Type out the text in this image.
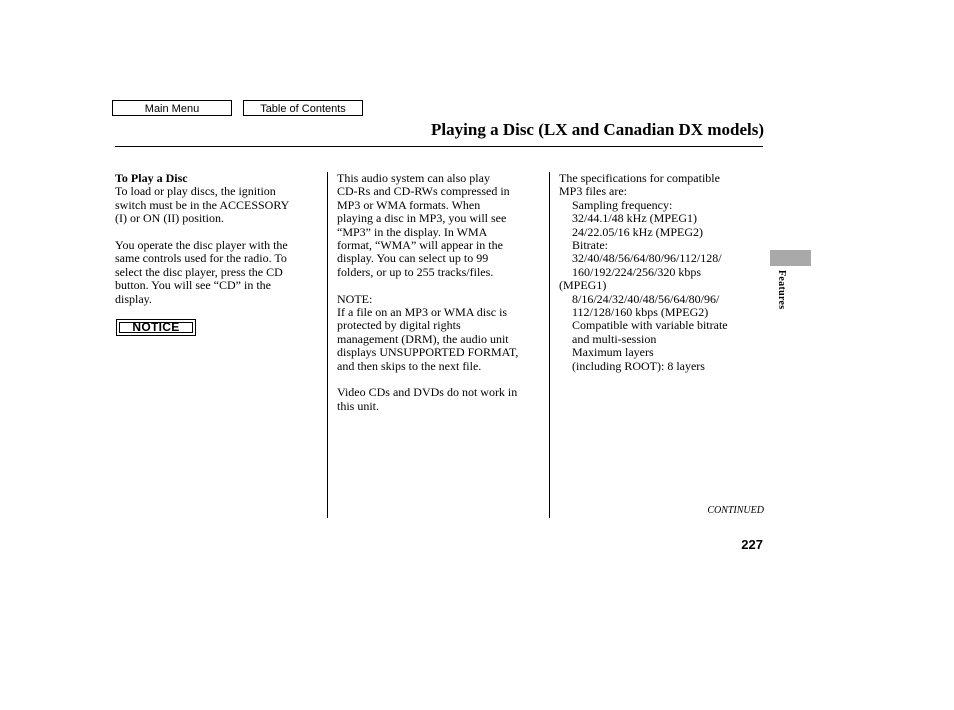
Main Menu	Table of Contents
Playing a Disc (LX and Canadian DX models)

To Play a Disc

To load or play discs, the ignition

switch must be in the ACCESSORY

(I) or ON (II) position.

You operate the disc player with the

same controls used for the radio. To

select the disc player, press the CD

button. You will see “CD” in the

display.

NOTICE

This audio system can also play

CD-Rs and CD-RWs compressed in

MP3 or WMA formats. When

playing a disc in MP3, you will see

“MP3” in the display. In WMA

format, “WMA” will appear in the

display. You can select up to 99

folders, or up to 255 tracks/files.

NOTE:

If a file on an MP3 or WMA disc is

protected by digital rights

management (DRM), the audio unit

displays UNSUPPORTED FORMAT,

and then skips to the next file.

Video CDs and DVDs do not work in

this unit.

The specifications for compatible

MP3 files are:

Sampling frequency:

32/44.1/48 kHz (MPEG1)

24/22.05/16 kHz (MPEG2)

Bitrate:

32/40/48/56/64/80/96/112/128/

160/192/224/256/320 kbps

(MPEG1)

8/16/24/32/40/48/56/64/80/96/

112/128/160 kbps (MPEG2)

Compatible with variable bitrate

and multi-session

Maximum layers

(including ROOT): 8 layers

Features
CONTINUED
227
